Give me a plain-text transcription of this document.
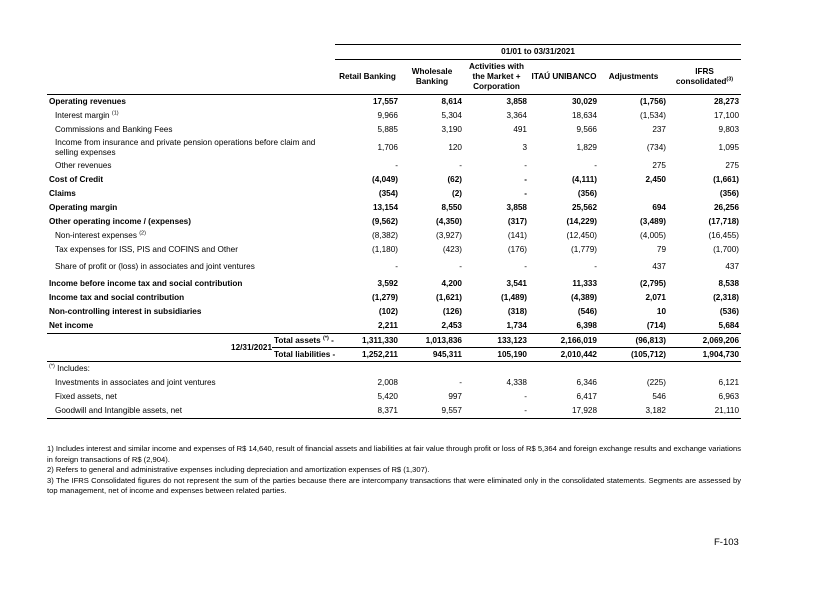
		01/01 to 03/31/2021					
		Retail Banking	Wholesale Banking	Activities with the Market + Corporation	ITAÚ UNIBANCO	Adjustments	IFRS consolidated$^{(3)}$
Operating revenues		17,557	8,614	3,858	30,029	(1,756)	28,273
Interest margin $^{(1)}$		9,966	5,304	3,364	18,634	(1,534)	17,100
Commissions and Banking Fees		5,885	3,190	491	9,566	237	9,803
Income from insurance and private pension operations before claim and selling expenses		1,706	120	3	1,829	(734)	1,095
Other revenues		-	-	-	-	275	275
Cost of Credit		(4,049)	(62)	-	(4,111)	2,450	(1,661)
Claims		(354)	(2)	-	(356)		(356)
Operating margin		13,154	8,550	3,858	25,562	694	26,256
Other operating income / (expenses)		(9,562)	(4,350)	(317)	(14,229)	(3,489)	(17,718)
Non-interest expenses $^{(2)}$		(8,382)	(3,927)	(141)	(12,450)	(4,005)	(16,455)
Tax expenses for ISS, PIS and COFINS and Other		(1,180)	(423)	(176)	(1,779)	79	(1,700)
Share of profit or (loss) in associates and joint ventures		-	-	-	-	437	437
Income before income tax and social contribution		3,592	4,200	3,541	11,333	(2,795)	8,538
Income tax and social contribution		(1,279)	(1,621)	(1,489)	(4,389)	2,071	(2,318)
Non-controlling interest in subsidiaries		(102)	(126)	(318)	(546)	10	(536)
Net income		2,211	2,453	1,734	6,398	(714)	5,684
12/31/2021	Total assets (*) -	1,311,330	1,013,836	133,123	2,166,019	(96,813)	2,069,206
	Total liabilities -	1,252,211	945,311	105,190	2,010,442	(105,712)	1,904,730
(*) Includes:							
Investments in associates and joint ventures		2,008	-	4,338	6,346	(225)	6,121
Fixed assets, net		5,420	997	-	6,417	546	6,963
Goodwill and Intangible assets, net		8,371	9,557	-	17,928	3,182	21,110

1) Includes interest and similar income and expenses of R$ 14,640, result of financial assets and liabilities at fair value through profit or loss of R$ 5,364 and foreign exchange results and exchange variations in foreign transactions of R$ (2,904).

2) Refers to general and administrative expenses including depreciation and amortization expenses of R$ (1,307).

3) The IFRS Consolidated figures do not represent the sum of the parties because there are intercompany transactions that were eliminated only in the consolidated statements. Segments are assessed by top management, net of income and expenses between related parties.

F-103
